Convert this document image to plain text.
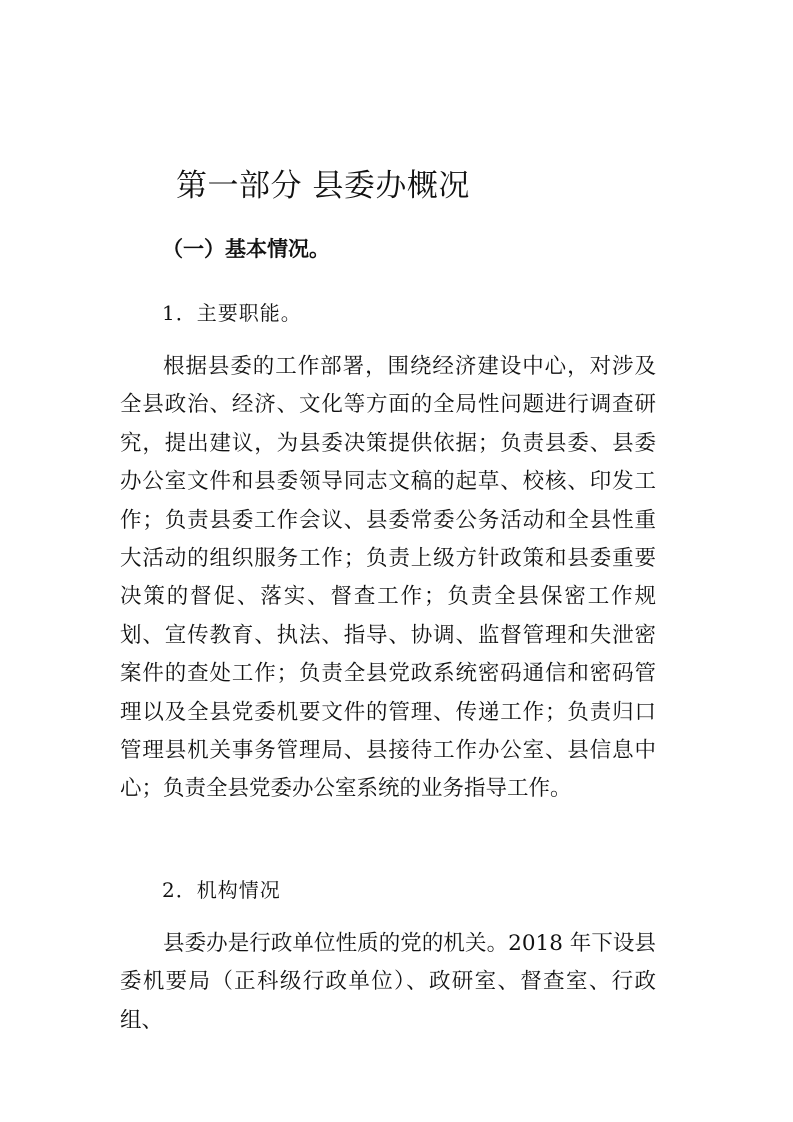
第一部分 县委办概况
（一）基本情况。
1．主要职能。

根据县委的工作部署，围绕经济建设中心，对涉及全县政治、经济、文化等方面的全局性问题进行调查研究，提出建议，为县委决策提供依据；负责县委、县委办公室文件和县委领导同志文稿的起草、校核、印发工作；负责县委工作会议、县委常委公务活动和全县性重大活动的组织服务工作；负责上级方针政策和县委重要决策的督促、落实、督查工作；负责全县保密工作规划、宣传教育、执法、指导、协调、监督管理和失泄密案件的查处工作；负责全县党政系统密码通信和密码管理以及全县党委机要文件的管理、传递工作；负责归口管理县机关事务管理局、县接待工作办公室、县信息中心；负责全县党委办公室系统的业务指导工作。

2．机构情况

县委办是行政单位性质的党的机关。2018 年下设县委机要局（正科级行政单位）、政研室、督查室、行政组、
